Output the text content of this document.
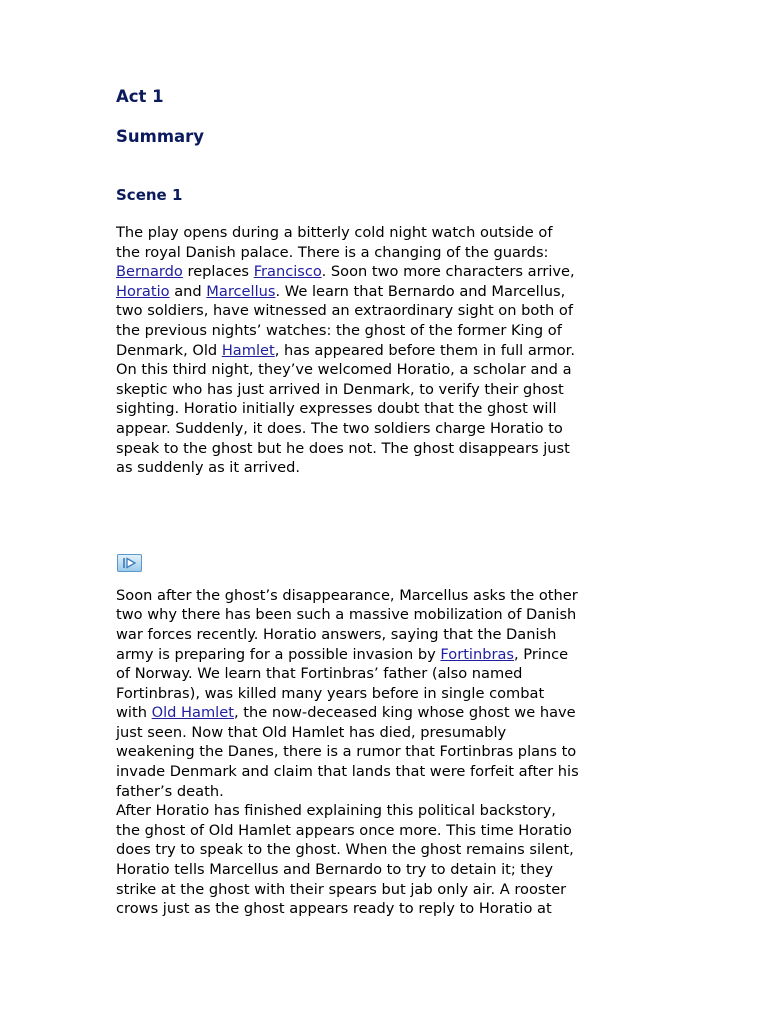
Act 1
Summary
Scene 1

The play opens during a bitterly cold night watch outside of
the royal Danish palace. There is a changing of the guards:
Bernardo replaces Francisco. Soon two more characters arrive,
Horatio and Marcellus. We learn that Bernardo and Marcellus,
two soldiers, have witnessed an extraordinary sight on both of
the previous nights’ watches: the ghost of the former King of
Denmark, Old Hamlet, has appeared before them in full armor.
On this third night, they’ve welcomed Horatio, a scholar and a
skeptic who has just arrived in Denmark, to verify their ghost
sighting. Horatio initially expresses doubt that the ghost will
appear. Suddenly, it does. The two soldiers charge Horatio to
speak to the ghost but he does not. The ghost disappears just
as suddenly as it arrived.

Soon after the ghost’s disappearance, Marcellus asks the other
two why there has been such a massive mobilization of Danish
war forces recently. Horatio answers, saying that the Danish
army is preparing for a possible invasion by Fortinbras, Prince
of Norway. We learn that Fortinbras’ father (also named
Fortinbras), was killed many years before in single combat
with Old Hamlet, the now-deceased king whose ghost we have
just seen. Now that Old Hamlet has died, presumably
weakening the Danes, there is a rumor that Fortinbras plans to
invade Denmark and claim that lands that were forfeit after his
father’s death.
After Horatio has finished explaining this political backstory,
the ghost of Old Hamlet appears once more. This time Horatio
does try to speak to the ghost. When the ghost remains silent,
Horatio tells Marcellus and Bernardo to try to detain it; they
strike at the ghost with their spears but jab only air. A rooster
crows just as the ghost appears ready to reply to Horatio at
